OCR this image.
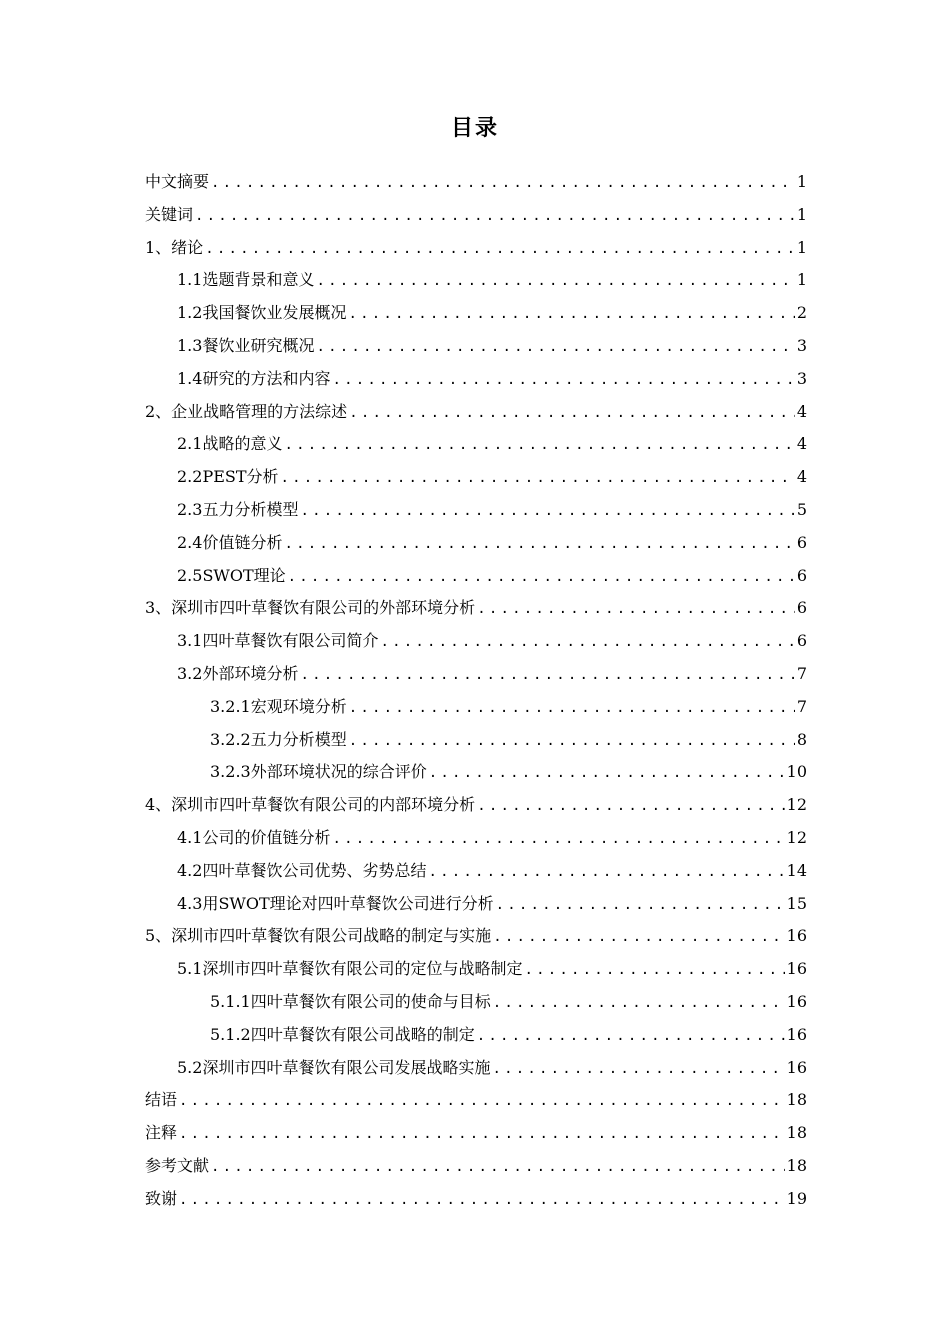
目录
中文摘要 .....	1
关键词 .....	1
1、绪论 .....	1
1.1选题背景和意义 .....	1
1.2我国餐饮业发展概况 .....	2
1.3餐饮业研究概况 .....	3
1.4研究的方法和内容 .....	3
2、企业战略管理的方法综述 .....	4
2.1战略的意义 .....	4
2.2PEST分析 .....	4
2.3五力分析模型 .....	5
2.4价值链分析 .....	6
2.5SWOT理论 .....	6
3、深圳市四叶草餐饮有限公司的外部环境分析 .....	6
3.1四叶草餐饮有限公司简介 .....	6
3.2外部环境分析 .....	7
3.2.1宏观环境分析 .....	7
3.2.2五力分析模型 .....	8
3.2.3外部环境状况的综合评价 .....	10
4、深圳市四叶草餐饮有限公司的内部环境分析 .....	12
4.1公司的价值链分析 .....	12
4.2四叶草餐饮公司优势、劣势总结 .....	14
4.3用SWOT理论对四叶草餐饮公司进行分析 .....	15
5、深圳市四叶草餐饮有限公司战略的制定与实施 .....	16
5.1深圳市四叶草餐饮有限公司的定位与战略制定 .....	16
5.1.1四叶草餐饮有限公司的使命与目标 .....	16
5.1.2四叶草餐饮有限公司战略的制定 .....	16
5.2深圳市四叶草餐饮有限公司发展战略实施 .....	16
结语 .....	18
注释 .....	18
参考文献 .....	18
致谢 .....	19
